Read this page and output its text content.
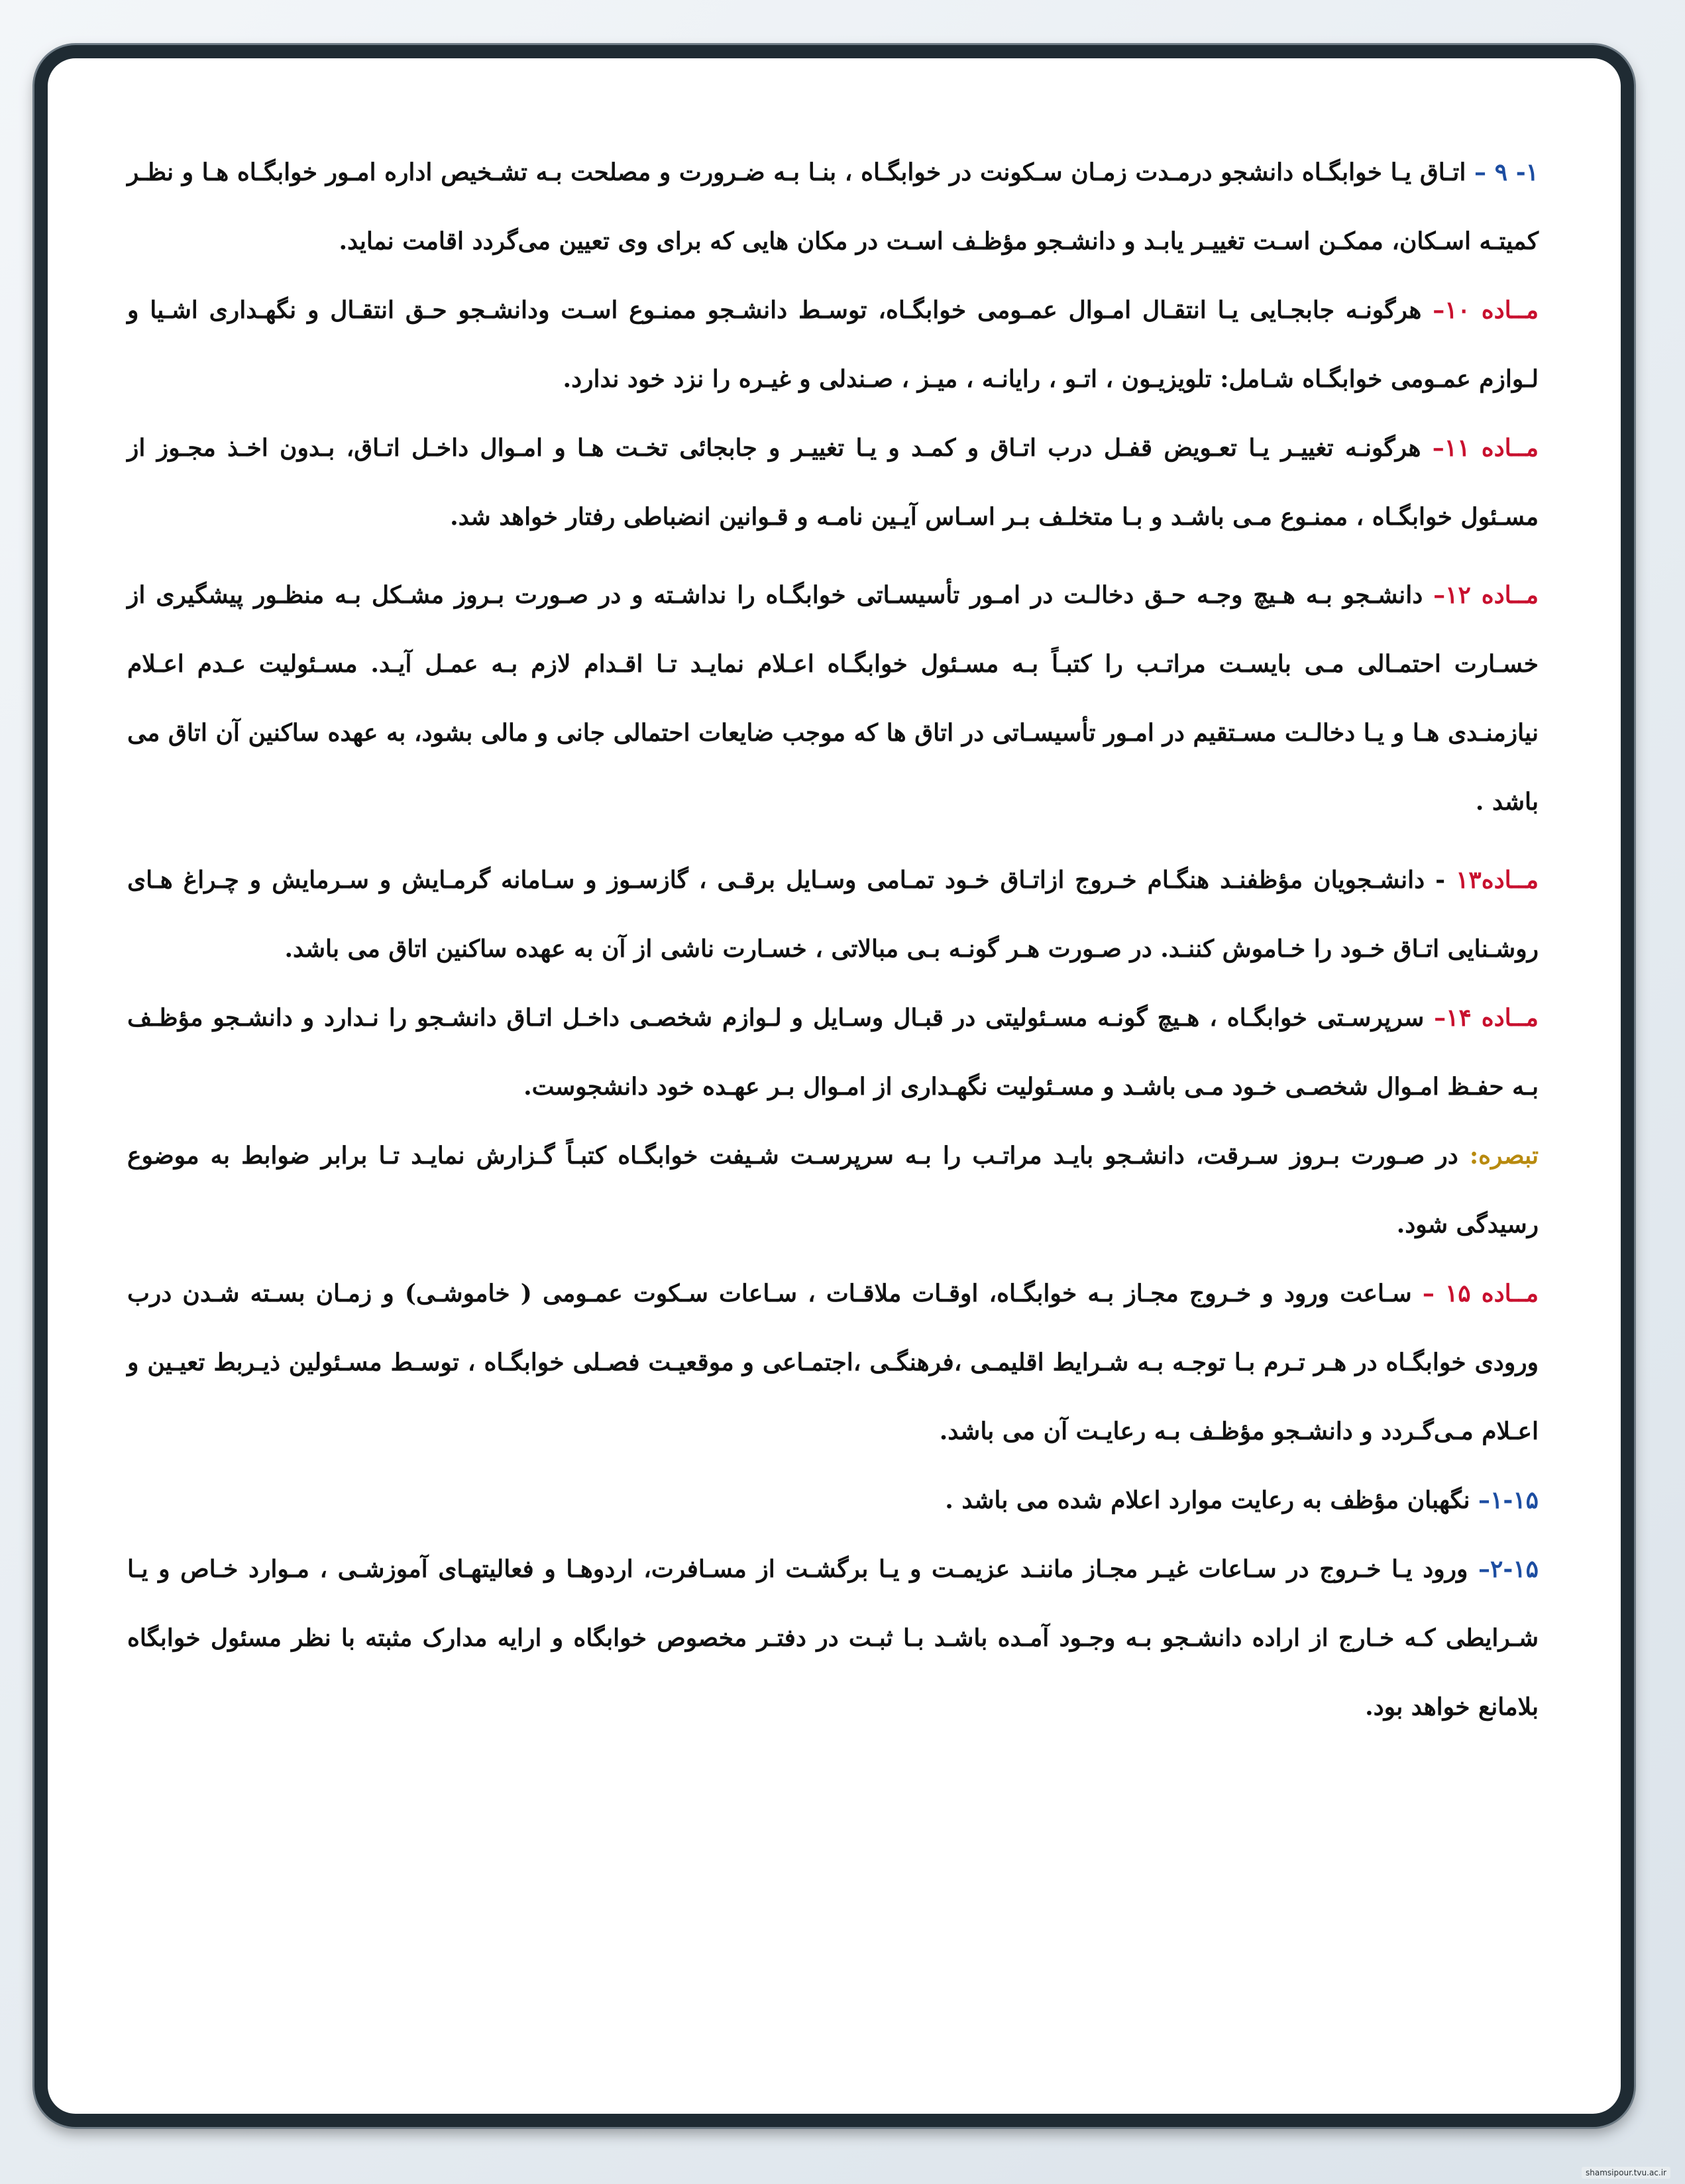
۱- ۹ – اتـاق یـا خوابگـاه دانشجو درمـدت زمـان سـکونت در خوابگـاه ، بنـا بـه ضـرورت و مصلحت بـه تشـخیص اداره امـور خوابگـاه هـا و نظـر کمیتـه اسـکان، ممکـن اسـت تغییـر یابـد و دانشـجو مؤظـف اسـت در مکان هایی که برای وی تعیین می‌گردد اقامت نماید.

مــاده ۱۰– هرگونـه جابجـایی یـا انتقـال امـوال عمـومی خوابگـاه، توسـط دانشـجو ممنـوع اسـت ودانشـجو حـق انتقـال و نگهـداری اشـیا و لـوازم عمـومی خوابگـاه شـامل: تلویزیـون ، اتـو ، رایانـه ، میـز ، صـندلی و غیـره را نزد خود ندارد.

مــاده ۱۱– هرگونـه تغییـر یـا تعـویض قفـل درب اتـاق و کمـد و یـا تغییـر و جابجائی تخـت هـا و امـوال داخـل اتـاق، بـدون اخـذ مجـوز از مسـئول خوابگـاه ، ممنـوع مـی باشـد و بـا متخلـف بـر اسـاس آیـین نامـه و قـوانین انضباطی رفتار خواهد شد.

مــاده ۱۲– دانشـجو بـه هـیچ وجـه حـق دخالـت در امـور تأسیسـاتی خوابگـاه را نداشـته و در صـورت بـروز مشـکل بـه منظـور پیشگیری از خسـارت احتمـالی مـی بایسـت مراتـب را کتبـاً بـه مسـئول خوابگـاه اعـلام نمایـد تـا اقـدام لازم بـه عمـل آیـد. مسـئولیت عـدم اعـلام نیازمنـدی هـا و یـا دخالـت مسـتقیم در امـور تأسیسـاتی در اتاق ها که موجب ضایعات احتمالی جانی و مالی بشود، به عهده ساکنین آن اتاق می باشد .

مــاده۱۳ - دانشـجویان مؤظفنـد هنگـام خـروج ازاتـاق خـود تمـامی وسـایل برقـی ، گازسـوز و سـامانه گرمـایش و سـرمایش و چـراغ هـای روشـنایی اتـاق خـود را خـاموش کننـد. در صـورت هـر گونـه بـی مبالاتی ، خسـارت ناشی از آن به عهده ساکنین اتاق می باشد.

مــاده ۱۴– سرپرسـتی خوابگـاه ، هـیچ گونـه مسـئولیتی در قبـال وسـایل و لـوازم شخصـی داخـل اتـاق دانشـجو را نـدارد و دانشـجو مؤظـف بـه حفـظ امـوال شخصـی خـود مـی باشـد و مسـئولیت نگهـداری از امـوال بـر عهـده خود دانشجوست.

تبصره: در صـورت بـروز سـرقت، دانشـجو بایـد مراتـب را بـه سرپرسـت شـیفت خوابگـاه کتبـاً گـزارش نمایـد تـا برابر ضوابط به موضوع رسیدگی شود.

مــاده ۱۵ – سـاعت ورود و خـروج مجـاز بـه خوابگـاه، اوقـات ملاقـات ، سـاعات سـکوت عمـومی ( خاموشـی) و زمـان بسـته شـدن درب ورودی خوابگـاه در هـر تـرم بـا توجـه بـه شـرایط اقلیمـی ،فرهنگـی ،اجتمـاعی و موقعیـت فصـلی خوابگـاه ، توسـط مسـئولین ذیـربط تعیـین و اعـلام مـی‌گـردد و دانشـجو مؤظـف بـه رعایـت آن می باشد.

۱-۱۵– نگهبان مؤظف به رعایت موارد اعلام شده می باشد .

۲-۱۵– ورود یـا خـروج در سـاعات غیـر مجـاز ماننـد عزیمـت و یـا برگشـت از مسـافرت، اردوهـا و فعالیتهـای آموزشـی ، مـوارد خـاص و یـا شـرایطی کـه خـارج از اراده دانشـجو بـه وجـود آمـده باشـد بـا ثبـت در دفتـر مخصوص خوابگاه و ارایه مدارک مثبته با نظر مسئول خوابگاه بلامانع خواهد بود.

shamsipour.tvu.ac.ir
